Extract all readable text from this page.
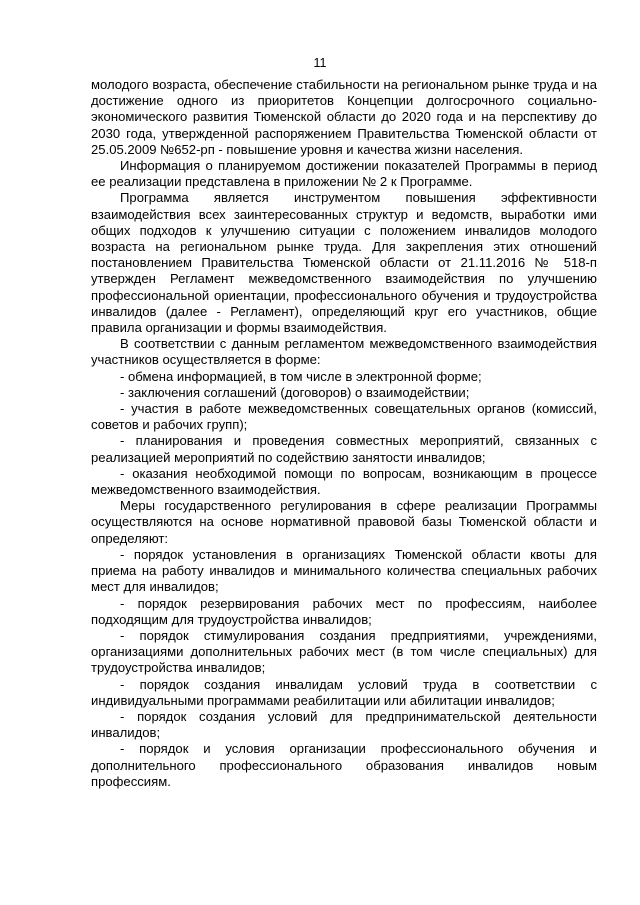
11

молодого возраста, обеспечение стабильности на региональном рынке труда и на достижение одного из приоритетов Концепции долгосрочного социально-экономического развития Тюменской области до 2020 года и на перспективу до 2030 года, утвержденной распоряжением Правительства Тюменской области от 25.05.2009 №652-рп - повышение уровня и качества жизни населения.

Информация о планируемом достижении показателей Программы в период ее реализации представлена в приложении № 2 к Программе.

Программа является инструментом повышения эффективности взаимодействия всех заинтересованных структур и ведомств, выработки ими общих подходов к улучшению ситуации с положением инвалидов молодого возраста на региональном рынке труда. Для закрепления этих отношений постановлением Правительства Тюменской области от 21.11.2016 № 518-п утвержден Регламент межведомственного взаимодействия по улучшению профессиональной ориентации, профессионального обучения и трудоустройства инвалидов (далее - Регламент), определяющий круг его участников, общие правила организации и формы взаимодействия.

В соответствии с данным регламентом межведомственного взаимодействия участников осуществляется в форме:

- обмена информацией, в том числе в электронной форме;

- заключения соглашений (договоров) о взаимодействии;

- участия в работе межведомственных совещательных органов (комиссий, советов и рабочих групп);

- планирования и проведения совместных мероприятий, связанных с реализацией мероприятий по содействию занятости инвалидов;

- оказания необходимой помощи по вопросам, возникающим в процессе межведомственного взаимодействия.

Меры государственного регулирования в сфере реализации Программы осуществляются на основе нормативной правовой базы Тюменской области и определяют:

- порядок установления в организациях Тюменской области квоты для приема на работу инвалидов и минимального количества специальных рабочих мест для инвалидов;

- порядок резервирования рабочих мест по профессиям, наиболее подходящим для трудоустройства инвалидов;

- порядок стимулирования создания предприятиями, учреждениями, организациями дополнительных рабочих мест (в том числе специальных) для трудоустройства инвалидов;

- порядок создания инвалидам условий труда в соответствии с индивидуальными программами реабилитации или абилитации инвалидов;

- порядок создания условий для предпринимательской деятельности инвалидов;

- порядок и условия организации профессионального обучения и дополнительного профессионального образования инвалидов новым профессиям.
